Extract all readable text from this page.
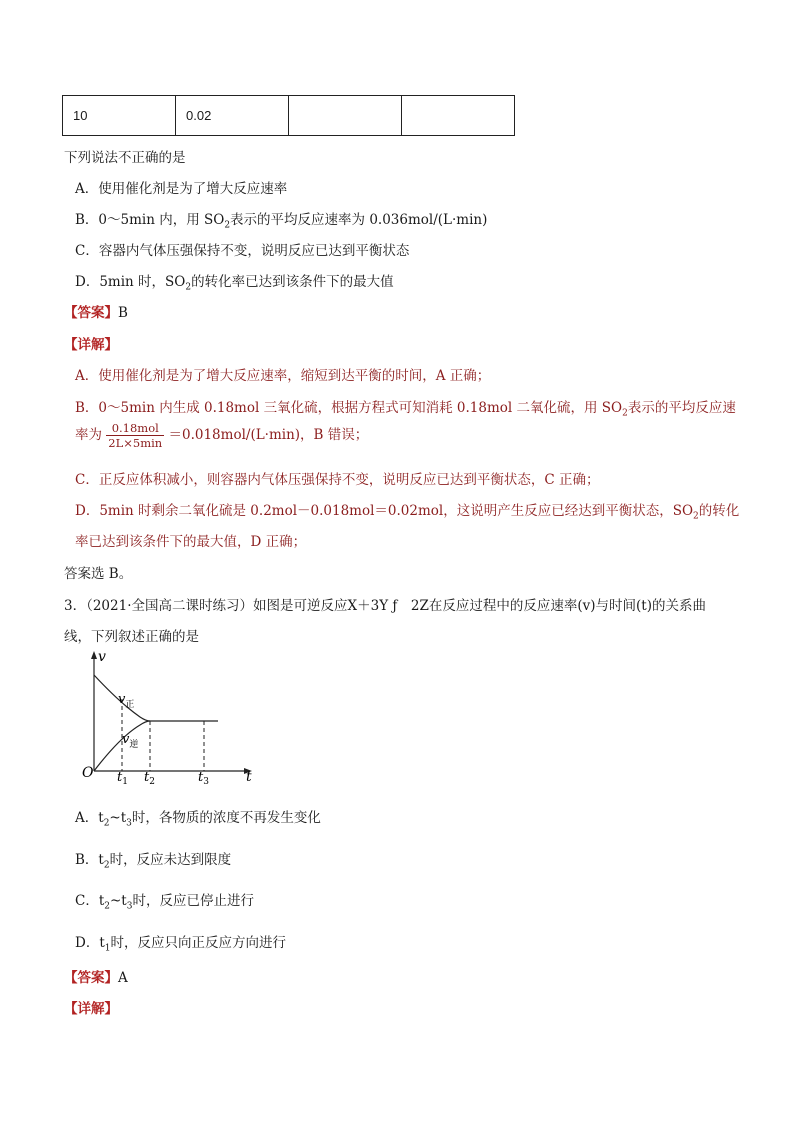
10	0.02		
下列说法不正确的是
A．使用催化剂是为了增大反应速率
B．0～5min 内，用 $SO_2$表示的平均反应速率为 0.036mol/(L·min)
C．容器内气体压强保持不变，说明反应已达到平衡状态
D．5min 时，$SO_2$的转化率已达到该条件下的最大值
【答案】B
【详解】
A．使用催化剂是为了增大反应速率，缩短到达平衡的时间，A 正确；
B．0～5min 内生成 0.18mol 三氧化硫，根据方程式可知消耗 0.18mol 二氧化硫，用 $SO_2$表示的平均反应速
率为 $\frac{\text{0.18mol}}{2L\times 5\min} =0.018mol/(L\cdot\min)$，B 错误；
C．正反应体积减小，则容器内气体压强保持不变，说明反应已达到平衡状态，C 正确；
D．5min 时剩余二氧化硫是 0.2mol－0.018mol＝0.02mol，这说明产生反应已经达到平衡状态，$SO_2$的转化
率已达到该条件下的最大值，D 正确；
答案选 B。
3．（2021·全国高二课时练习）如图是可逆反应X＋3Y ƒ　2Z在反应过程中的反应速率(v)与时间(t)的关系曲
线，下列叙述正确的是
v
t
O
$v_正$
$v_逆$
$t_1$ $t_2$	$t_3$
A．$t_2\sim t_3$时，各物质的浓度不再发生变化
B．$t_2$时，反应未达到限度
C．$t_2\sim t_3$时，反应已停止进行
D．$t_1$时，反应只向正反应方向进行
【答案】A
【详解】
